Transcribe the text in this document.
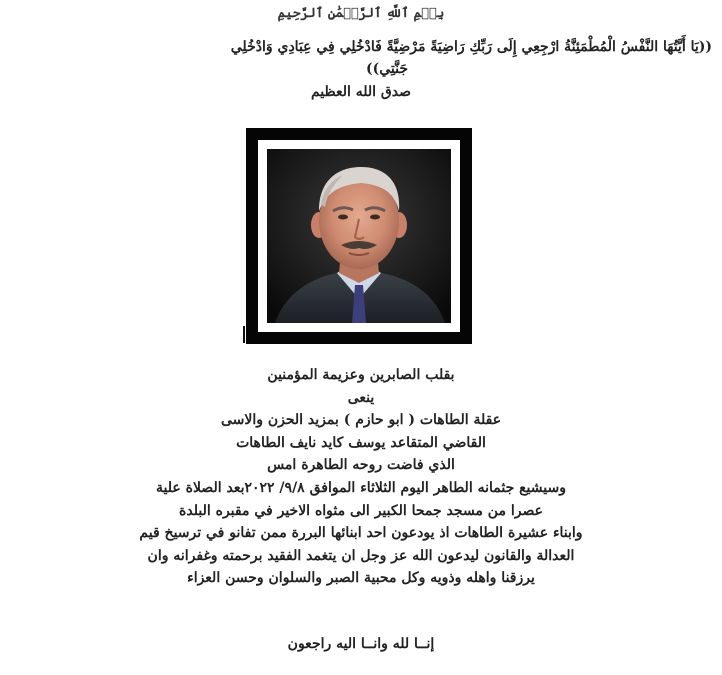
بِسۡمِ ٱللَّهِ ٱلرَّحۡمَٰنِ ٱلرَّحِيمِ
((يَا أَيَّتُهَا النَّفْسُ الْمُطْمَئِنَّةُ ارْجِعِي إِلَى رَبِّكِ رَاضِيَةً مَرْضِيَّةً فَادْخُلِي فِي عِبَادِي وَادْخُلِي
جَنَّتِي))
صدق الله العظيم
بقلب الصابرين وعزيمة المؤمنين
ينعى
عقلة الطاهات ( ابو حازم ) بمزيد الحزن والاسى
القاضي المتقاعد يوسف كايد نايف الطاهات
الذي فاضت روحه الطاهرة امس
وسيشيع جثمانه الطاهر اليوم الثلاثاء الموافق ٩/٨/ ٢٠٢٢بعد الصلاة علية
عصرا من مسجد جمحا الكبير الى مثواه الاخير في مقبره البلدة
وابناء عشيرة الطاهات اذ يودعون احد ابنائها البررة ممن تفانو في ترسيخ قيم
العدالة والقانون ليدعون الله عز وجل ان يتغمد الفقيد برحمته وغفرانه وان
يرزقنا واهله وذويه وكل محبية الصبر والسلوان وحسن العزاء
إنــا لله وانــا اليه راجعون
